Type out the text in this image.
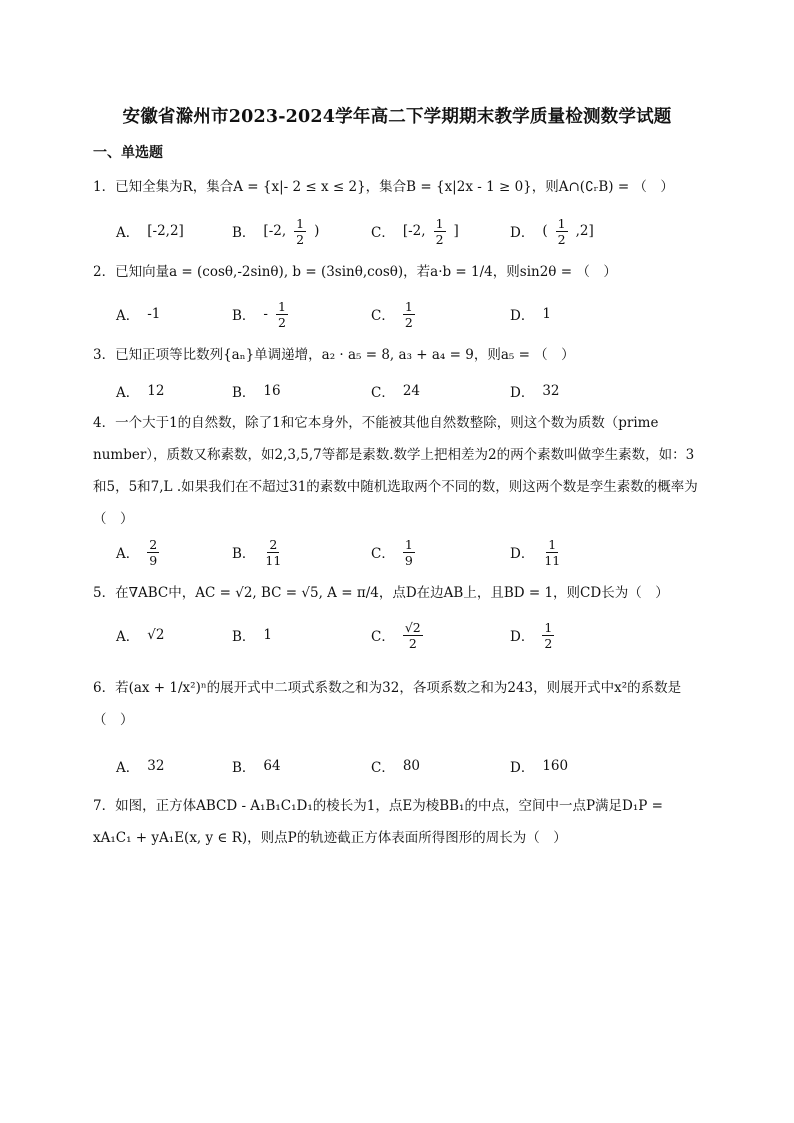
安徽省滁州市2023-2024学年高二下学期期末教学质量检测数学试题
一、单选题
1．已知全集为R，集合A = {x|- 2 ≤ x ≤ 2}，集合B = {x|2x - 1 ≥ 0}，则A∩(∁ᵣB) = （　）
A． [-2,2]	B． [-2, $\frac{1}{2}$ )	C． [-2, $\frac{1}{2}$ ]	D． ( $\frac{1}{2} ,2$]
2．已知向量a = (cosθ,-2sinθ), b = (3sinθ,cosθ)，若a·b = 1/4，则sin2θ = （　）
A． -1	B． - $\frac{1}{2}$	C． $\frac{1}{2}$	D． 1
3．已知正项等比数列{aₙ}单调递增，a₂ · a₅ = 8, a₃ + a₄ = 9，则a₅ = （　）
A． 12	B． 16	C． 24	D． 32
4．一个大于1的自然数，除了1和它本身外，不能被其他自然数整除，则这个数为质数（prime number），质数又称素数，如2,3,5,7等都是素数.数学上把相差为2的两个素数叫做孪生素数，如：3和5，5和7,L .如果我们在不超过31的素数中随机选取两个不同的数，则这两个数是孪生素数的概率为（　）
A． $\frac{2}{9}$	B． $\frac{2}{11}$	C． $\frac{1}{9}$	D． $\frac{1}{11}$
5．在∇ABC中，AC = √2, BC = √5, A = π/4，点D在边AB上，且BD = 1，则CD长为（　）
A． √2	B． 1	C． $\frac{√2}{2}$	D． $\frac{1}{2}$
6．若(ax + 1/x²)ⁿ的展开式中二项式系数之和为32，各项系数之和为243，则展开式中x²的系数是（　）
A． 32	B． 64	C． 80	D． 160
7．如图，正方体ABCD - A₁B₁C₁D₁的棱长为1，点E为棱BB₁的中点，空间中一点P满足D₁P = xA₁C₁ + yA₁E(x, y ∈ R)，则点P的轨迹截正方体表面所得图形的周长为（　）
